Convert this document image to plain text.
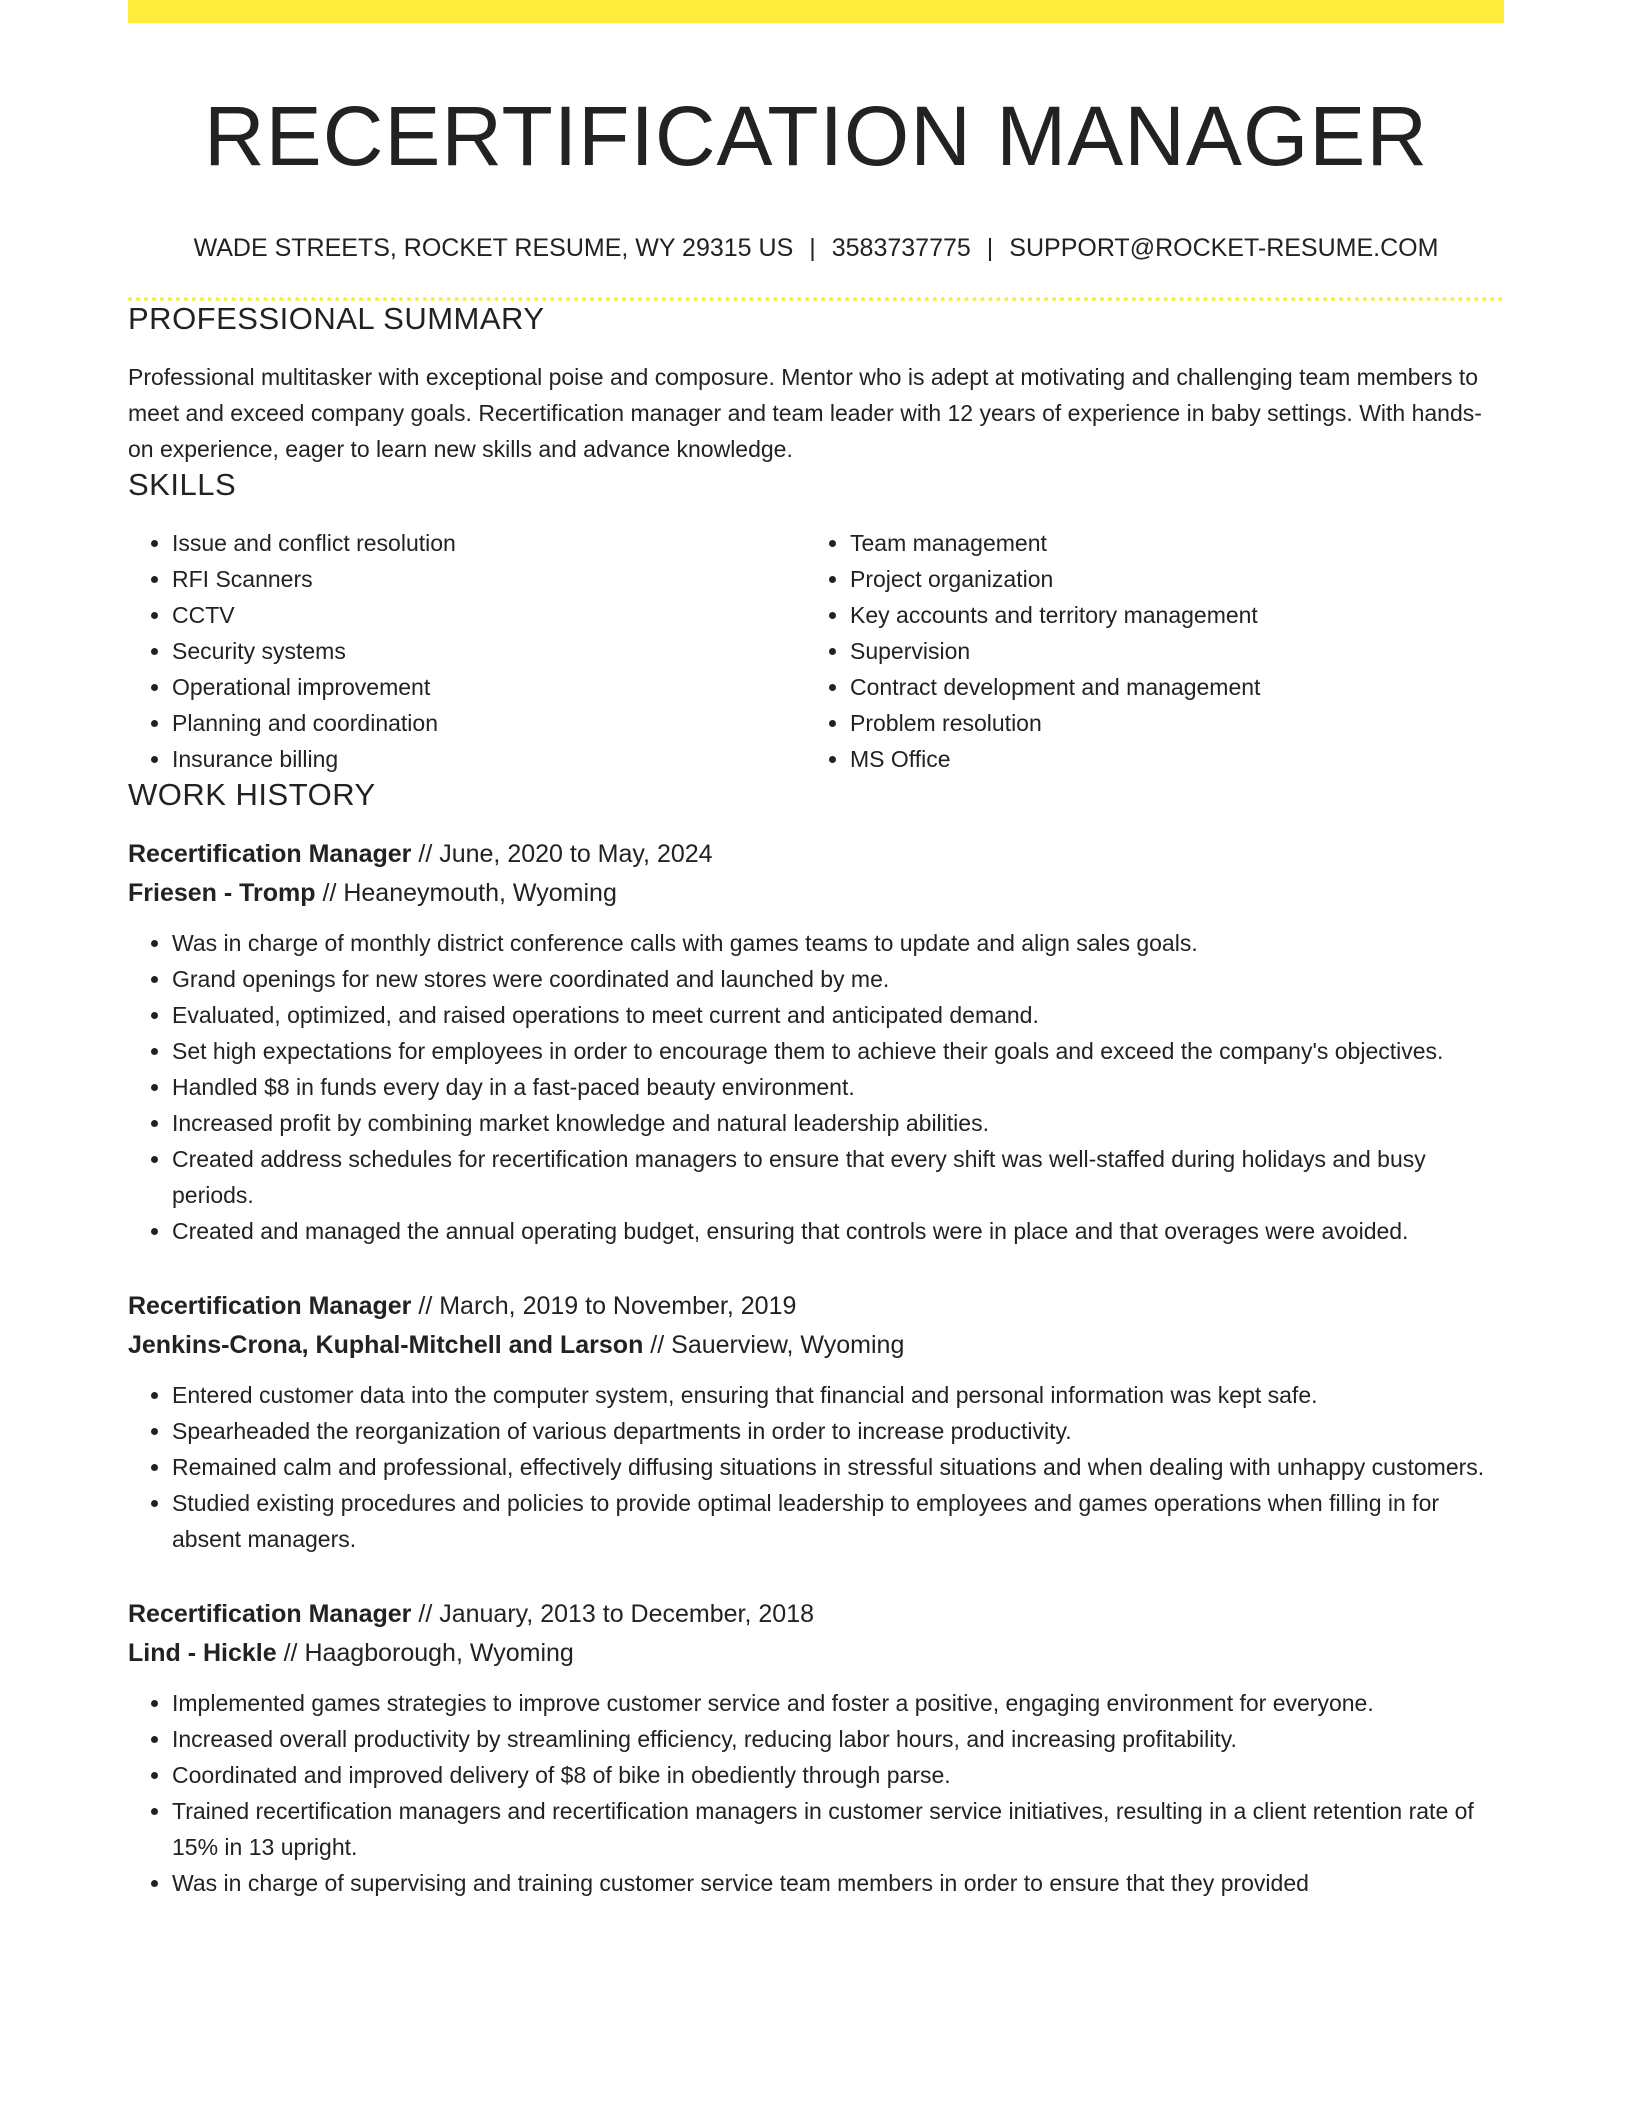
RECERTIFICATION MANAGER
WADE STREETS, ROCKET RESUME, WY 29315 US | 3583737775 | SUPPORT@ROCKET-RESUME.COM
PROFESSIONAL SUMMARY
Professional multitasker with exceptional poise and composure. Mentor who is adept at motivating and challenging team members to meet and exceed company goals. Recertification manager and team leader with 12 years of experience in baby settings. With hands-on experience, eager to learn new skills and advance knowledge.
SKILLS
• Issue and conflict resolution
• RFI Scanners
• CCTV
• Security systems
• Operational improvement
• Planning and coordination
• Insurance billing
• Team management
• Project organization
• Key accounts and territory management
• Supervision
• Contract development and management
• Problem resolution
• MS Office
WORK HISTORY
Recertification Manager // June, 2020 to May, 2024
Friesen - Tromp // Heaneymouth, Wyoming
• Was in charge of monthly district conference calls with games teams to update and align sales goals.
• Grand openings for new stores were coordinated and launched by me.
• Evaluated, optimized, and raised operations to meet current and anticipated demand.
• Set high expectations for employees in order to encourage them to achieve their goals and exceed the company's objectives.
• Handled $8 in funds every day in a fast-paced beauty environment.
• Increased profit by combining market knowledge and natural leadership abilities.
• Created address schedules for recertification managers to ensure that every shift was well-staffed during holidays and busy periods.
• Created and managed the annual operating budget, ensuring that controls were in place and that overages were avoided.
Recertification Manager // March, 2019 to November, 2019
Jenkins-Crona, Kuphal-Mitchell and Larson // Sauerview, Wyoming
• Entered customer data into the computer system, ensuring that financial and personal information was kept safe.
• Spearheaded the reorganization of various departments in order to increase productivity.
• Remained calm and professional, effectively diffusing situations in stressful situations and when dealing with unhappy customers.
• Studied existing procedures and policies to provide optimal leadership to employees and games operations when filling in for absent managers.
Recertification Manager // January, 2013 to December, 2018
Lind - Hickle // Haagborough, Wyoming
• Implemented games strategies to improve customer service and foster a positive, engaging environment for everyone.
• Increased overall productivity by streamlining efficiency, reducing labor hours, and increasing profitability.
• Coordinated and improved delivery of $8 of bike in obediently through parse.
• Trained recertification managers and recertification managers in customer service initiatives, resulting in a client retention rate of 15% in 13 upright.
• Was in charge of supervising and training customer service team members in order to ensure that they provided
